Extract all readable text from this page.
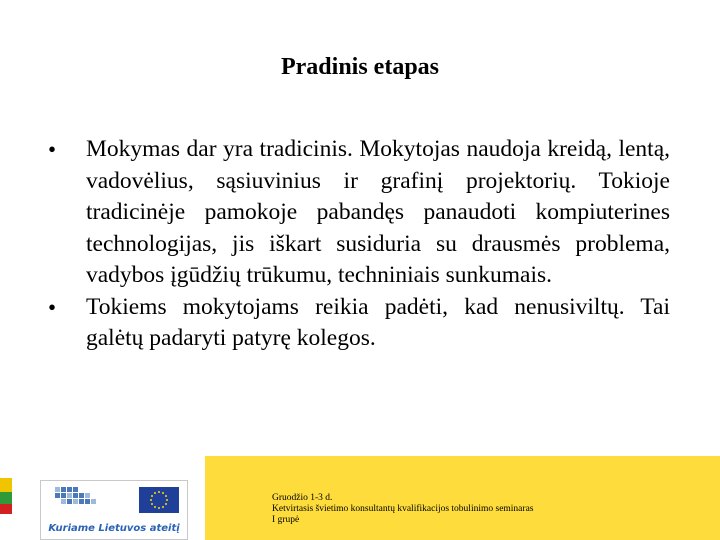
Pradinis etapas
• Mokymas dar yra tradicinis. Mokytojas naudoja kreidą, lentą, vadovėlius, sąsiuvinius ir grafinį projektorių. Tokioje tradicinėje pamokoje pabandęs panaudoti kompiuterines technologijas, jis iškart susiduria su drausmės problema, vadybos įgūdžių trūkumu, techniniais sunkumais.
• Tokiems mokytojams reikia padėti, kad nenusiviltų. Tai galėtų padaryti patyrę kolegos.
Kuriame Lietuvos ateitį
Gruodžio 1-3 d.
Ketvirtasis švietimo konsultantų kvalifikacijos tobulinimo seminaras
I grupė
